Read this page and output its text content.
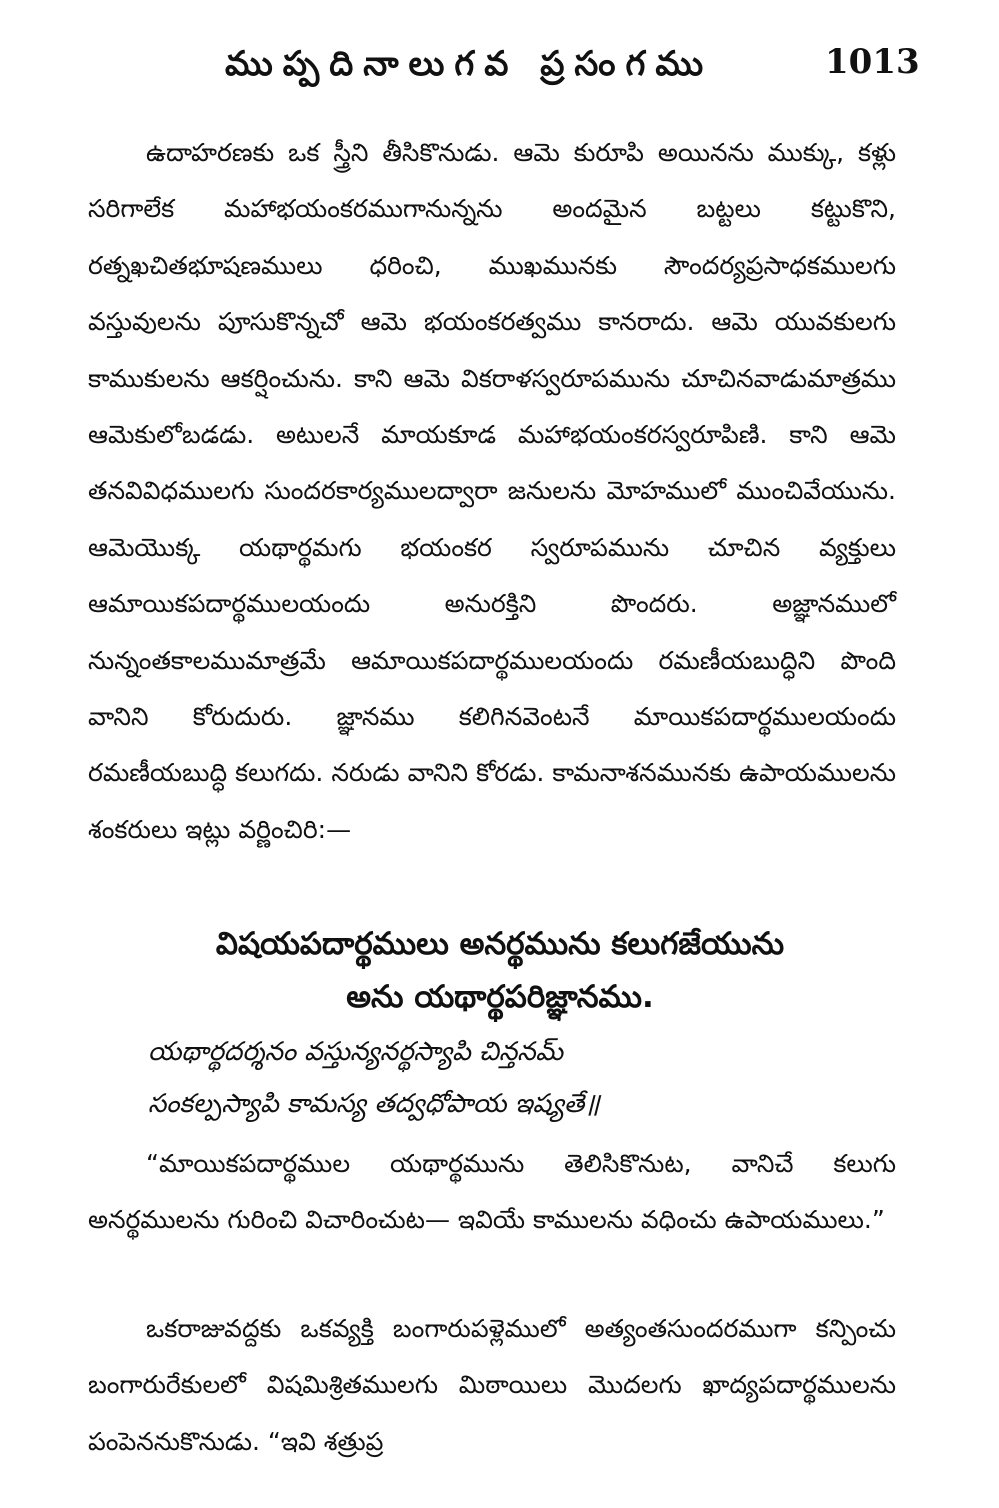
ముప్పదినాలుగవ ప్రసంగము	1013

ఉదాహరణకు ఒక స్త్రీని తీసికొనుడు. ఆమె కురూపి అయినను ముక్కు, కళ్లు సరిగాలేక మహాభయంకరముగానున్నను అందమైన బట్టలు కట్టుకొని, రత్నఖచితభూషణములు ధరించి, ముఖమునకు సౌందర్యప్రసాధకములగు వస్తువులను పూసుకొన్నచో ఆమె భయంకరత్వము కానరాదు. ఆమె యువకులగు కాముకులను ఆకర్షించును. కాని ఆమె వికరాళస్వరూపమును చూచినవాడుమాత్రము ఆమెకులోబడడు. అటులనే మాయకూడ మహాభయంకరస్వరూపిణి. కాని ఆమె తనవివిధములగు సుందరకార్యములద్వారా జనులను మోహములో ముంచివేయును. ఆమెయొక్క యథార్థమగు భయంకర స్వరూపమును చూచిన వ్యక్తులు ఆమాయికపదార్థములయందు అనురక్తిని పొందరు. అజ్ఞానములో నున్నంతకాలముమాత్రమే ఆమాయికపదార్థములయందు రమణీయబుద్ధిని పొంది వానిని కోరుదురు. జ్ఞానము కలిగినవెంటనే మాయికపదార్థములయందు రమణీయబుద్ధి కలుగదు. నరుడు వానిని కోరడు. కామనాశనమునకు ఉపాయములను శంకరులు ఇట్లు వర్ణించిరి:—

విషయపదార్థములు అనర్థమును కలుగజేయును
అను యథార్థపరిజ్ఞానము.
యథార్థదర్శనం వస్తున్యనర్థస్యాపి చిన్తనమ్
సంకల్పస్యాపి కామస్య తద్వధోపాయ ఇష్యతే॥

“మాయికపదార్థముల యథార్థమును తెలిసికొనుట, వానిచే కలుగు అనర్థములను గురించి విచారించుట— ఇవియే కాములను వధించు ఉపాయములు.”

ఒకరాజువద్దకు ఒకవ్యక్తి బంగారుపళ్లెములో అత్యంతసుందరముగా కన్పించు బంగారురేకులలో విషమిశ్రితములగు మిఠాయిలు మొదలగు ఖాద్యపదార్థములను పంపెననుకొనుడు. “ఇవి శత్రుప్ర
